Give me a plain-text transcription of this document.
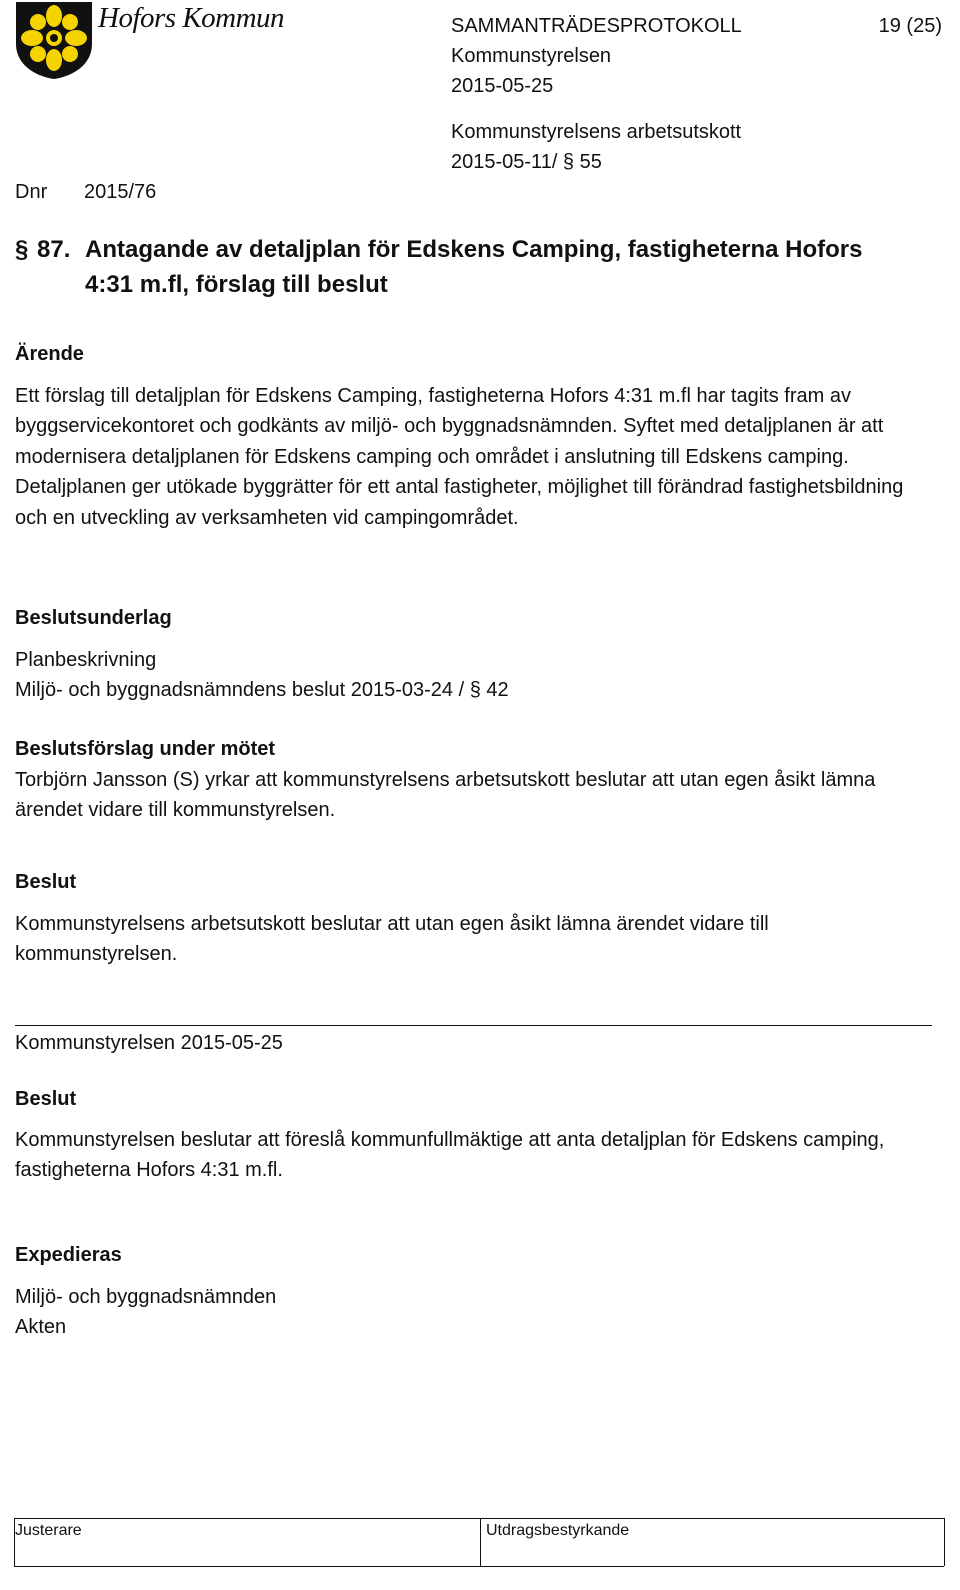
Hofors Kommun	SAMMANTRÄDESPROTOKOLL	19 (25)
Kommunstyrelsen
2015-05-25
Kommunstyrelsens arbetsutskott
2015-05-11/ § 55
Dnr 2015/76
§ 87. Antagande av detaljplan för Edskens Camping, fastigheterna Hofors
4:31 m.fl, förslag till beslut
Ärende
Ett förslag till detaljplan för Edskens Camping, fastigheterna Hofors 4:31 m.fl har tagits fram av byggservicekontoret och godkänts av miljö- och byggnadsnämnden. Syftet med detaljplanen är att modernisera detaljplanen för Edskens camping och området i anslutning till Edskens camping. Detaljplanen ger utökade byggrätter för ett antal fastigheter, möjlighet till förändrad fastighetsbildning och en utveckling av verksamheten vid campingområdet.
Beslutsunderlag
Planbeskrivning
Miljö- och byggnadsnämndens beslut 2015-03-24 / § 42
Beslutsförslag under mötet
Torbjörn Jansson (S) yrkar att kommunstyrelsens arbetsutskott beslutar att utan egen åsikt lämna ärendet vidare till kommunstyrelsen.
Beslut
Kommunstyrelsens arbetsutskott beslutar att utan egen åsikt lämna ärendet vidare till kommunstyrelsen.
Kommunstyrelsen 2015-05-25
Beslut
Kommunstyrelsen beslutar att föreslå kommunfullmäktige att anta detaljplan för Edskens camping, fastigheterna Hofors 4:31 m.fl.
Expedieras
Miljö- och byggnadsnämnden
Akten
Justerare	Utdragsbestyrkande
